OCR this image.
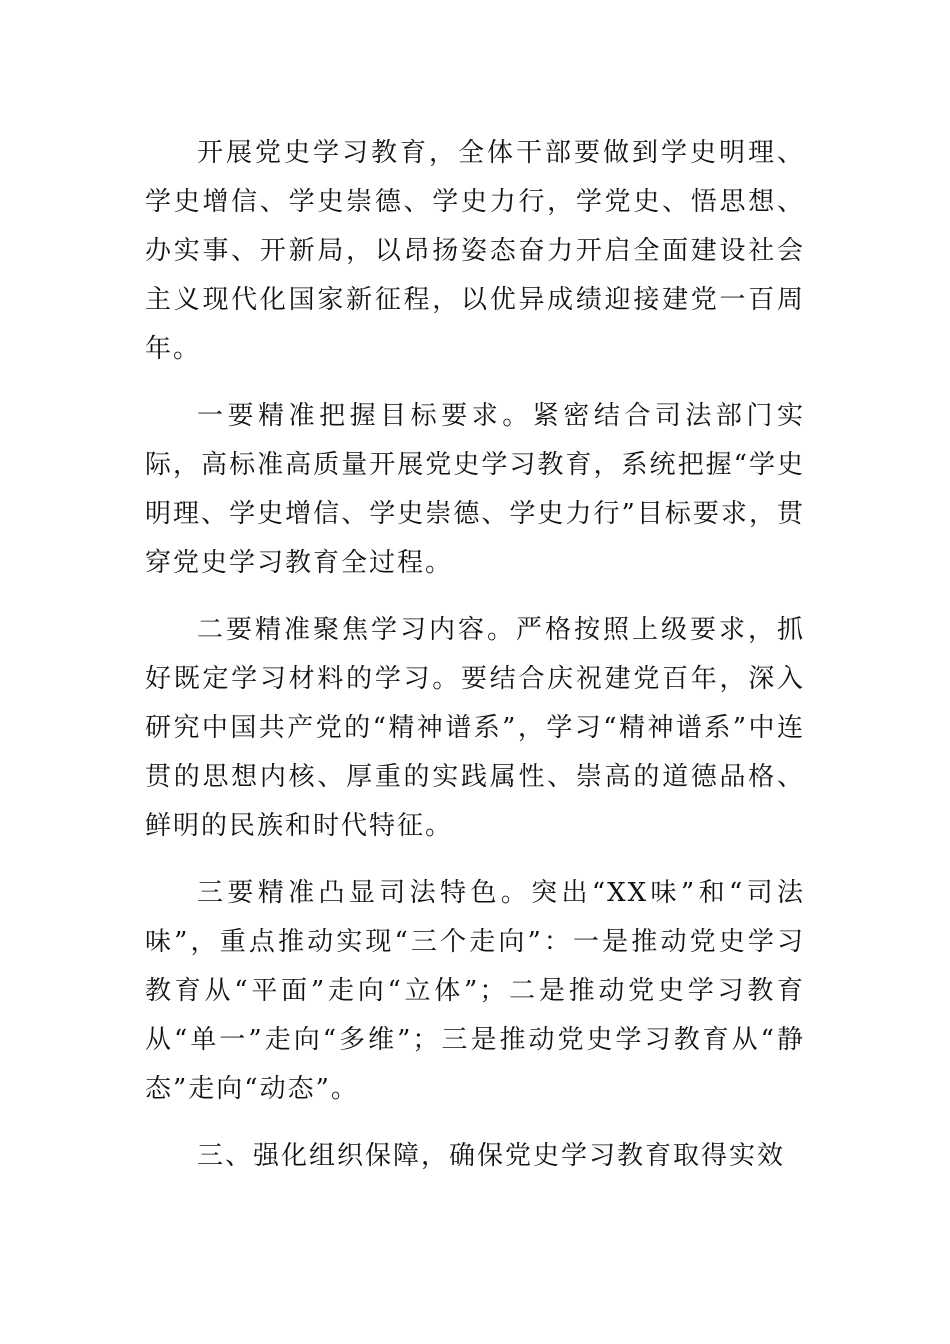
开展党史学习教育，全体干部要做到学史明理、学史增信、学史崇德、学史力行，学党史、悟思想、办实事、开新局，以昂扬姿态奋力开启全面建设社会主义现代化国家新征程，以优异成绩迎接建党一百周年。

一要精准把握目标要求。紧密结合司法部门实际，高标准高质量开展党史学习教育，系统把握“学史明理、学史增信、学史崇德、学史力行”目标要求，贯穿党史学习教育全过程。

二要精准聚焦学习内容。严格按照上级要求，抓好既定学习材料的学习。要结合庆祝建党百年，深入研究中国共产党的“精神谱系”，学习“精神谱系”中连贯的思想内核、厚重的实践属性、崇高的道德品格、鲜明的民族和时代特征。

三要精准凸显司法特色。突出“XX味”和“司法味”，重点推动实现“三个走向”：一是推动党史学习教育从“平面”走向“立体”；二是推动党史学习教育从“单一”走向“多维”；三是推动党史学习教育从“静态”走向“动态”。

三、强化组织保障，确保党史学习教育取得实效
